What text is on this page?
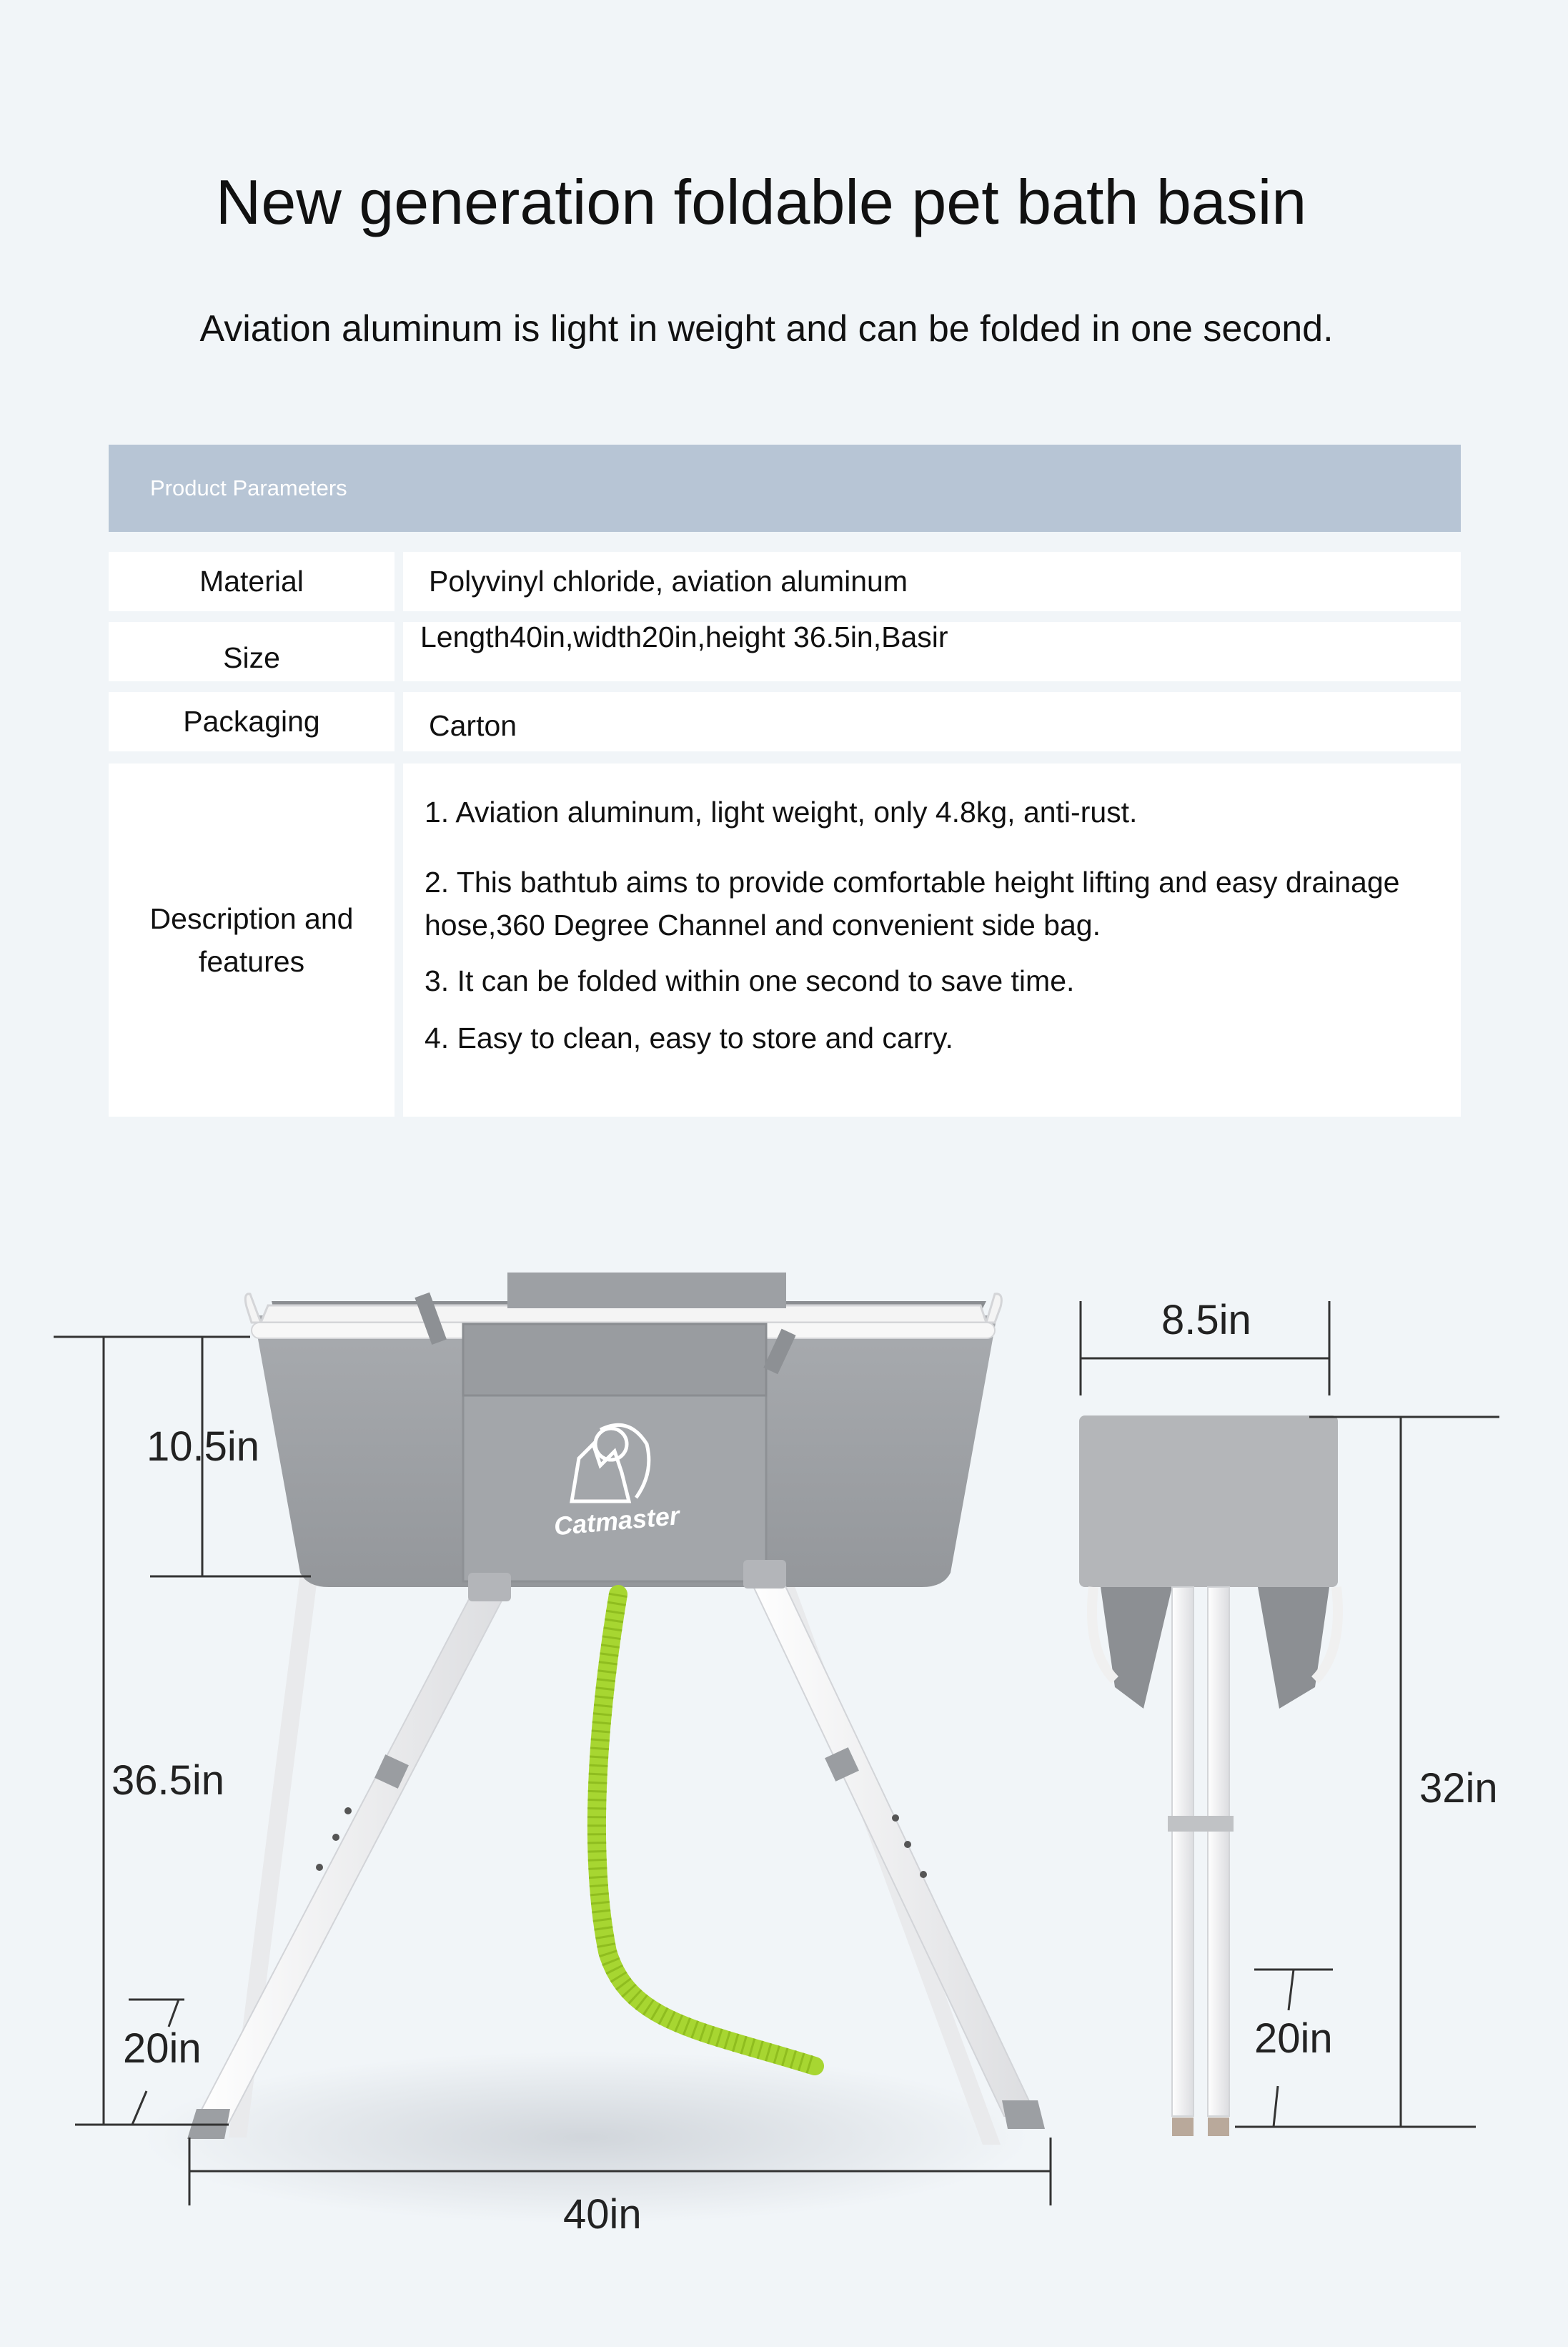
New generation foldable pet bath basin

Aviation aluminum is light in weight and can be folded in one second.

Product Parameters
Material	Polyvinyl chloride, aviation aluminum
Size
Length40in,width20in,height 36.5in,Basir
Packaging	Carton
Description and features
1. Aviation aluminum, light weight, only 4.8kg, anti-rust.
2. This bathtub aims to provide comfortable height lifting and easy drainage hose,360 Degree Channel and convenient side bag.
3. It can be folded within one second to save time.
4. Easy to clean, easy to store and carry.
Catmaster
10.5in
36.5in
20in
40in
8.5in
32in
20in
